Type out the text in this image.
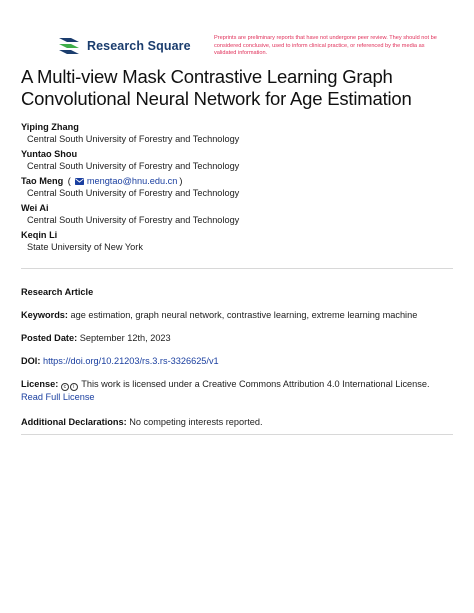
Research Square
Preprints are preliminary reports that have not undergone peer review. They should not be considered conclusive, used to inform clinical practice, or referenced by the media as validated information.
A Multi-view Mask Contrastive Learning Graph Convolutional Neural Network for Age Estimation
Yiping Zhang
Central South University of Forestry and Technology
Yuntao Shou
Central South University of Forestry and Technology
Tao Meng ( mengtao@hnu.edu.cn )
Central South University of Forestry and Technology
Wei Ai
Central South University of Forestry and Technology
Keqin Li
State University of New York
Research Article
Keywords: age estimation, graph neural network, contrastive learning, extreme learning machine
Posted Date: September 12th, 2023
DOI: https://doi.org/10.21203/rs.3.rs-3326625/v1
License: c i This work is licensed under a Creative Commons Attribution 4.0 International License.
Read Full License
Additional Declarations: No competing interests reported.
